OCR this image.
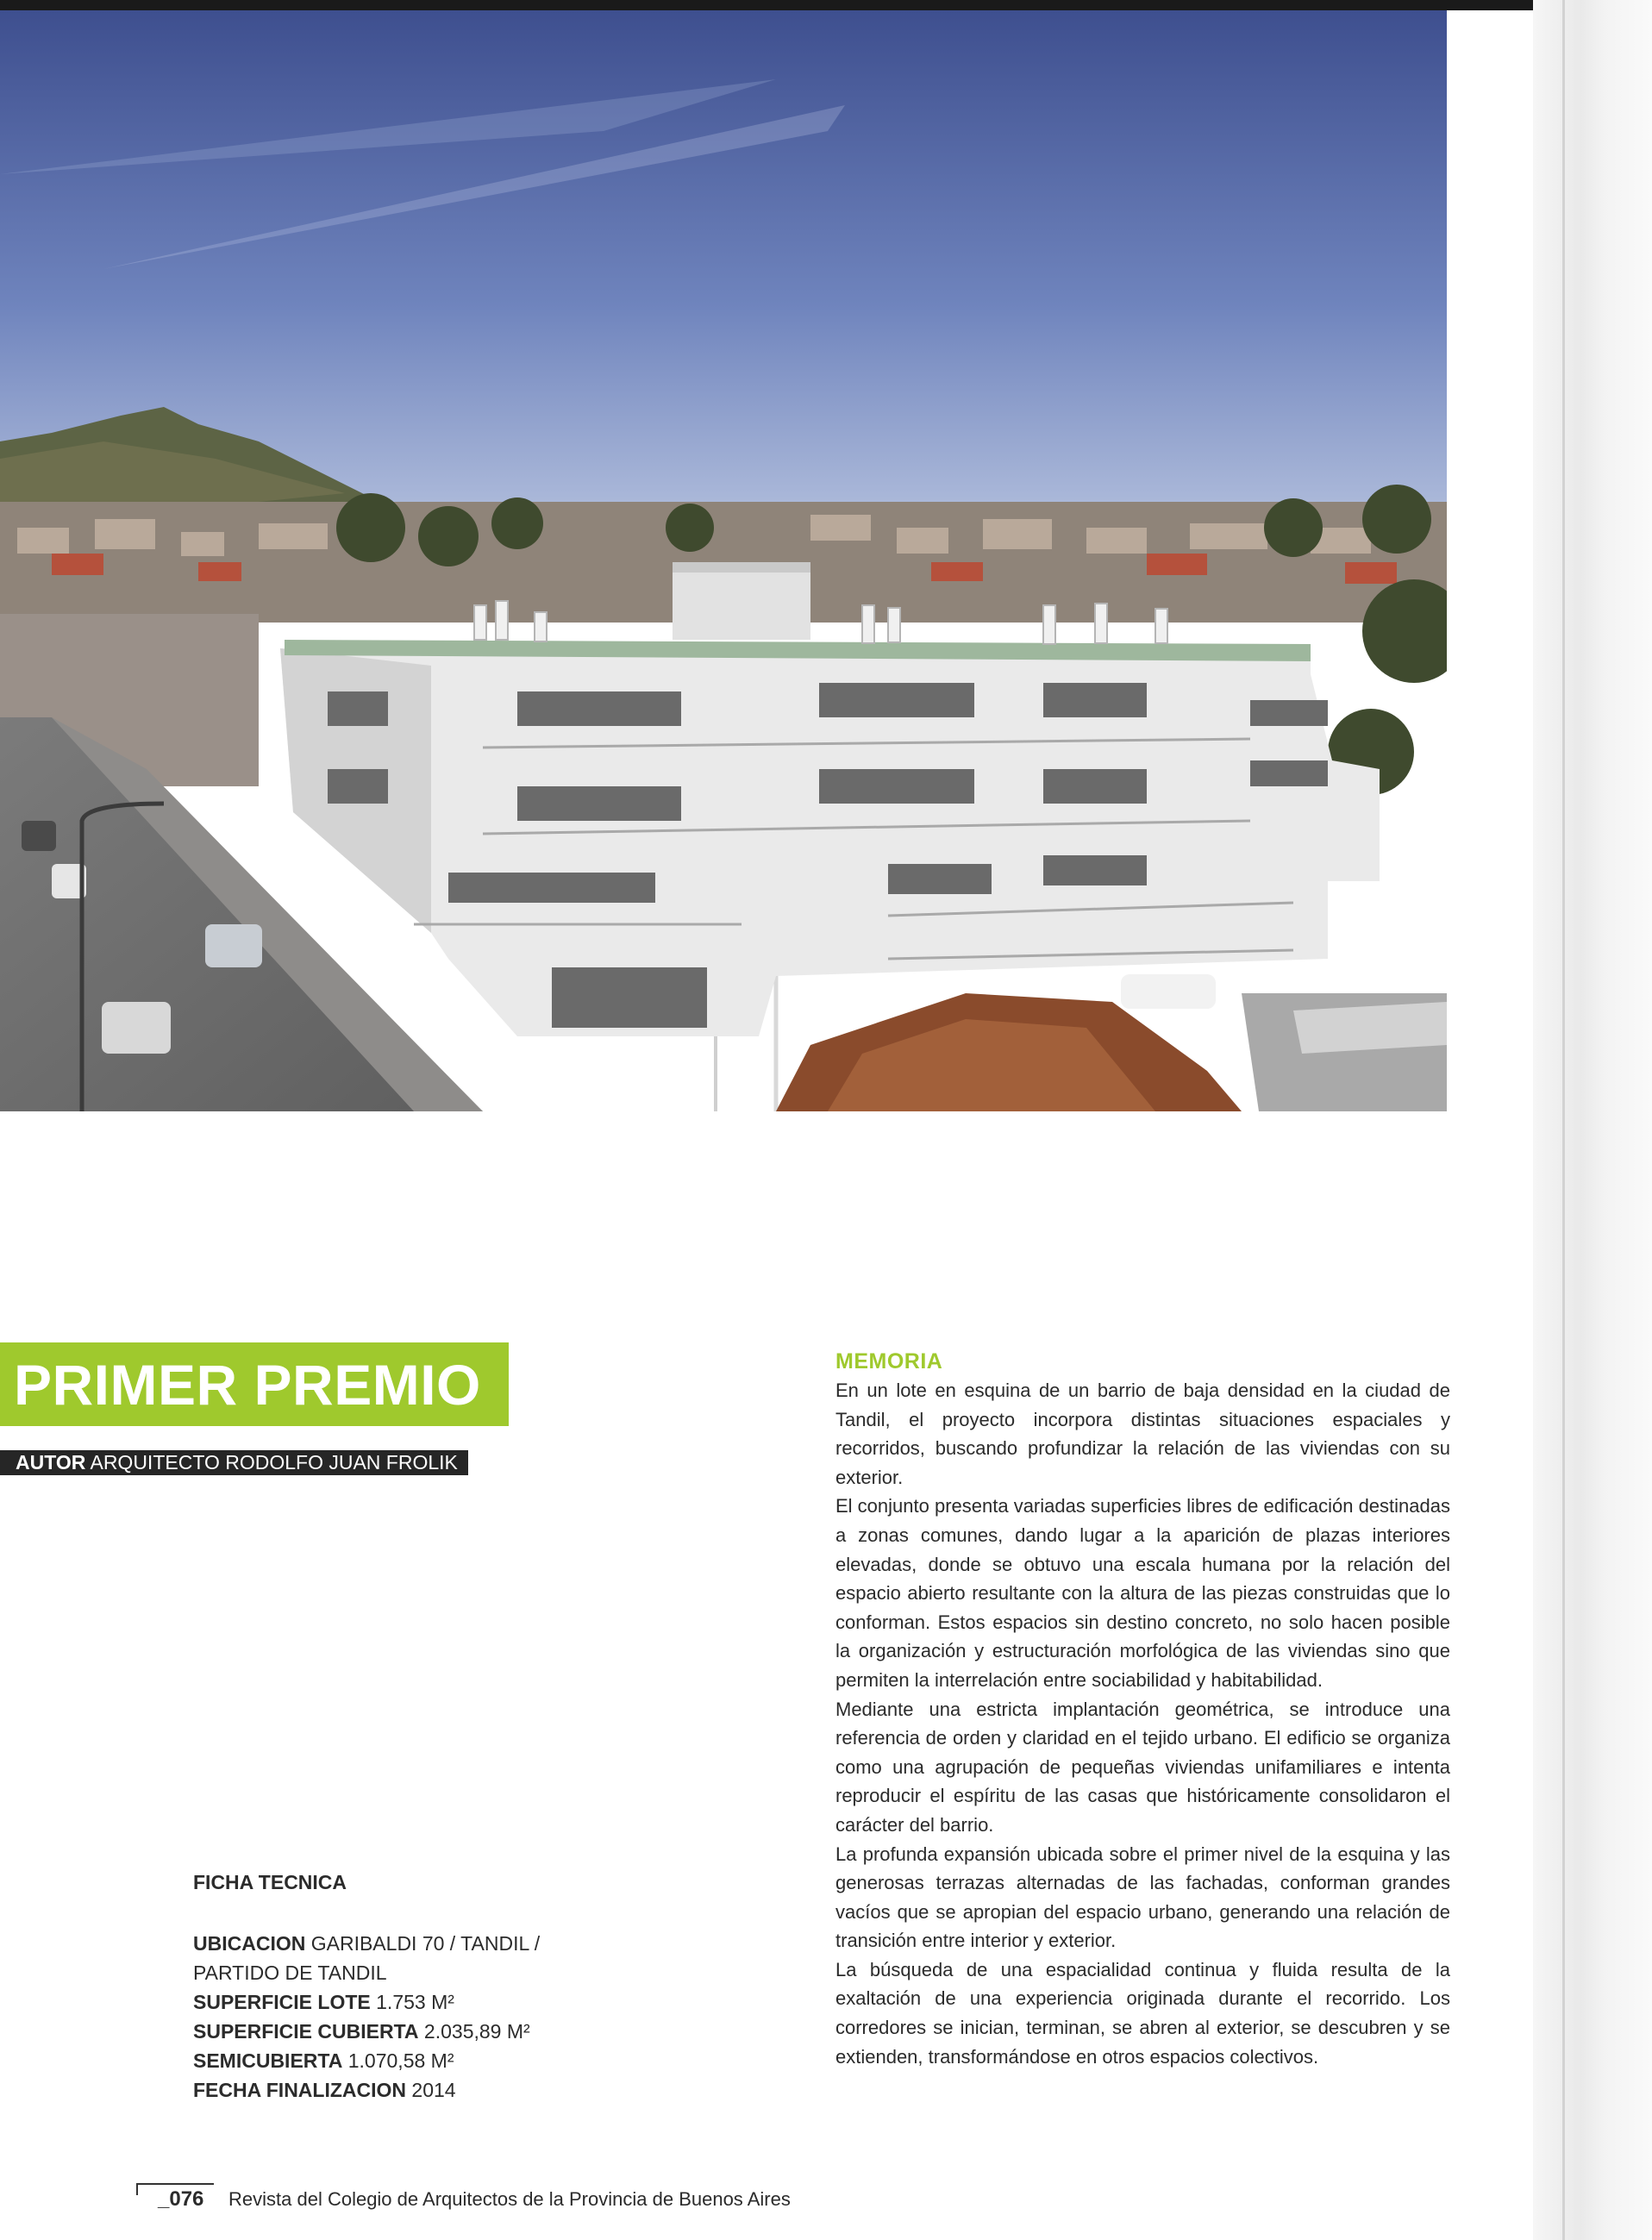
PRIMER PREMIO
AUTOR ARQUITECTO RODOLFO JUAN FROLIK
FICHA TECNICA
UBICACION GARIBALDI 70 / TANDIL /
PARTIDO DE TANDIL
SUPERFICIE LOTE 1.753 M²
SUPERFICIE CUBIERTA 2.035,89 M²
SEMICUBIERTA 1.070,58 M²
FECHA FINALIZACION 2014
MEMORIA

En un lote en esquina de un barrio de baja densidad en la ciudad de Tandil, el proyecto incorpora distintas situaciones espaciales y recorridos, buscando profundizar la relación de las viviendas con su exterior.

El conjunto presenta variadas superficies libres de edificación destinadas a zonas comunes, dando lugar a la aparición de plazas interiores elevadas, donde se obtuvo una escala humana por la relación del espacio abierto resultante con la altura de las piezas construidas que lo conforman. Estos espacios sin destino concreto, no solo hacen posible la organización y estructuración morfológica de las viviendas sino que permiten la interrelación entre sociabilidad y habitabilidad.

Mediante una estricta implantación geométrica, se introduce una referencia de orden y claridad en el tejido urbano. El edificio se organiza como una agrupación de pequeñas viviendas unifamiliares e intenta reproducir el espíritu de las casas que históricamente consolidaron el carácter del barrio.

La profunda expansión ubicada sobre el primer nivel de la esquina y las generosas terrazas alternadas de las fachadas, conforman grandes vacíos que se apropian del espacio urbano, generando una relación de transición entre interior y exterior.

La búsqueda de una espacialidad continua y fluida resulta de la exaltación de una experiencia originada durante el recorrido. Los corredores se inician, terminan, se abren al exterior, se descubren y se extienden, transformándose en otros espacios colectivos.

_076 Revista del Colegio de Arquitectos de la Provincia de Buenos Aires
